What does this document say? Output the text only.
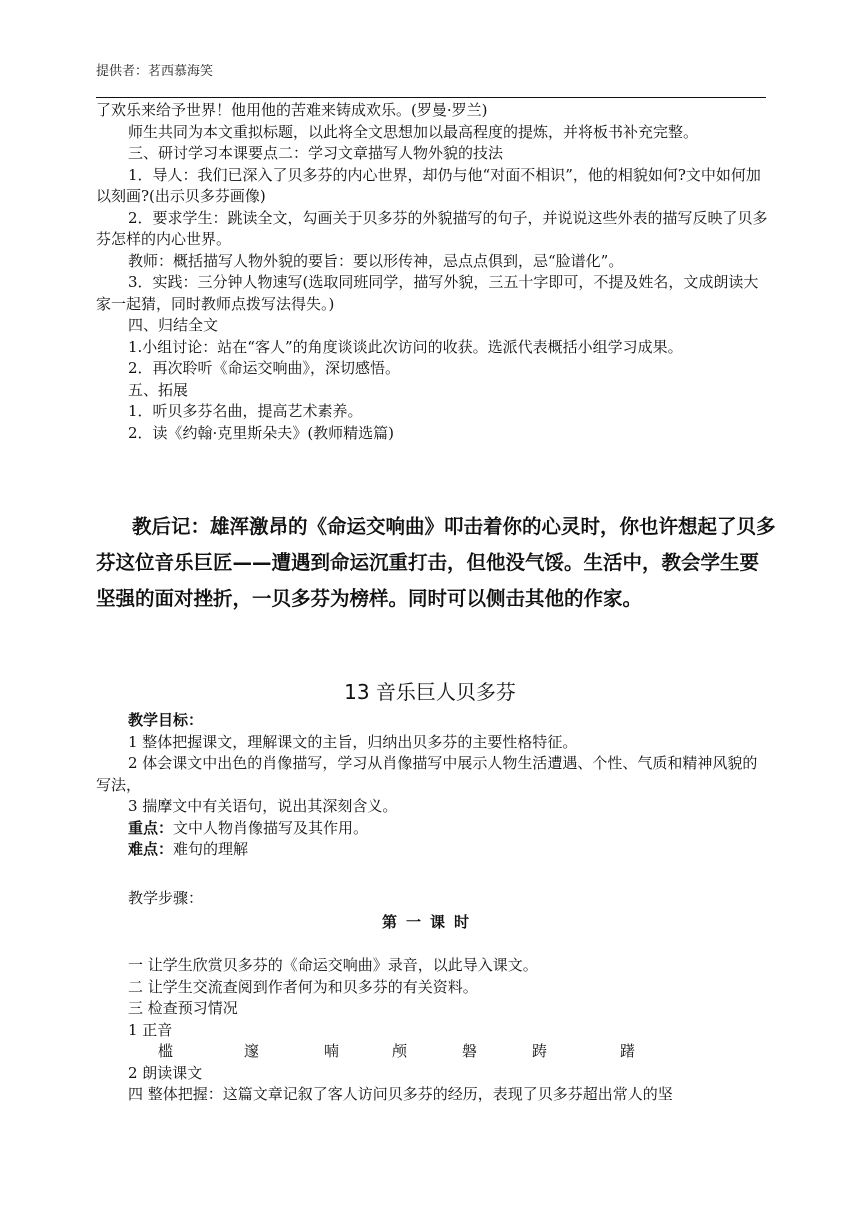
提供者：茗西慕海笑

了欢乐来给予世界！他用他的苦难来铸成欢乐。(罗曼·罗兰)

师生共同为本文重拟标题，以此将全文思想加以最高程度的提炼，并将板书补充完整。

三、研讨学习本课要点二：学习文章描写人物外貌的技法

1．导人：我们已深入了贝多芬的内心世界，却仍与他“对面不相识”，他的相貌如何?文中如何加以刻画?(出示贝多芬画像)

2．要求学生：跳读全文，勾画关于贝多芬的外貌描写的句子，并说说这些外表的描写反映了贝多芬怎样的内心世界。

教师：概括描写人物外貌的要旨：要以形传神，忌点点俱到，忌“脸谱化”。

3．实践：三分钟人物速写(选取同班同学，描写外貌，三五十字即可，不提及姓名，文成朗读大家一起猜，同时教师点拨写法得失。)

四、归结全文

1.小组讨论：站在“客人”的角度谈谈此次访问的收获。选派代表概括小组学习成果。

2．再次聆听《命运交响曲》，深切感悟。

五、拓展

1．听贝多芬名曲，提高艺术素养。

2．读《约翰·克里斯朵夫》(教师精选篇)

教后记：雄浑激昂的《命运交响曲》叩击着你的心灵时，你也许想起了贝多芬这位音乐巨匠——遭遇到命运沉重打击，但他没气馁。生活中，教会学生要坚强的面对挫折，一贝多芬为榜样。同时可以侧击其他的作家。

13 音乐巨人贝多芬

教学目标：

1 整体把握课文，理解课文的主旨，归纳出贝多芬的主要性格特征。

2 体会课文中出色的肖像描写，学习从肖像描写中展示人物生活遭遇、个性、气质和精神风貌的写法，

3 揣摩文中有关语句，说出其深刻含义。

重点：文中人物肖像描写及其作用。

难点：难句的理解

教学步骤：
第一课时

一 让学生欣赏贝多芬的《命运交响曲》录音，以此导入课文。

二 让学生交流查阅到作者何为和贝多芬的有关资料。

三 检查预习情况

1 正音

槛	邃	喃	颅	磐	踌	躇

2 朗读课文

四 整体把握：这篇文章记叙了客人访问贝多芬的经历，表现了贝多芬超出常人的坚
